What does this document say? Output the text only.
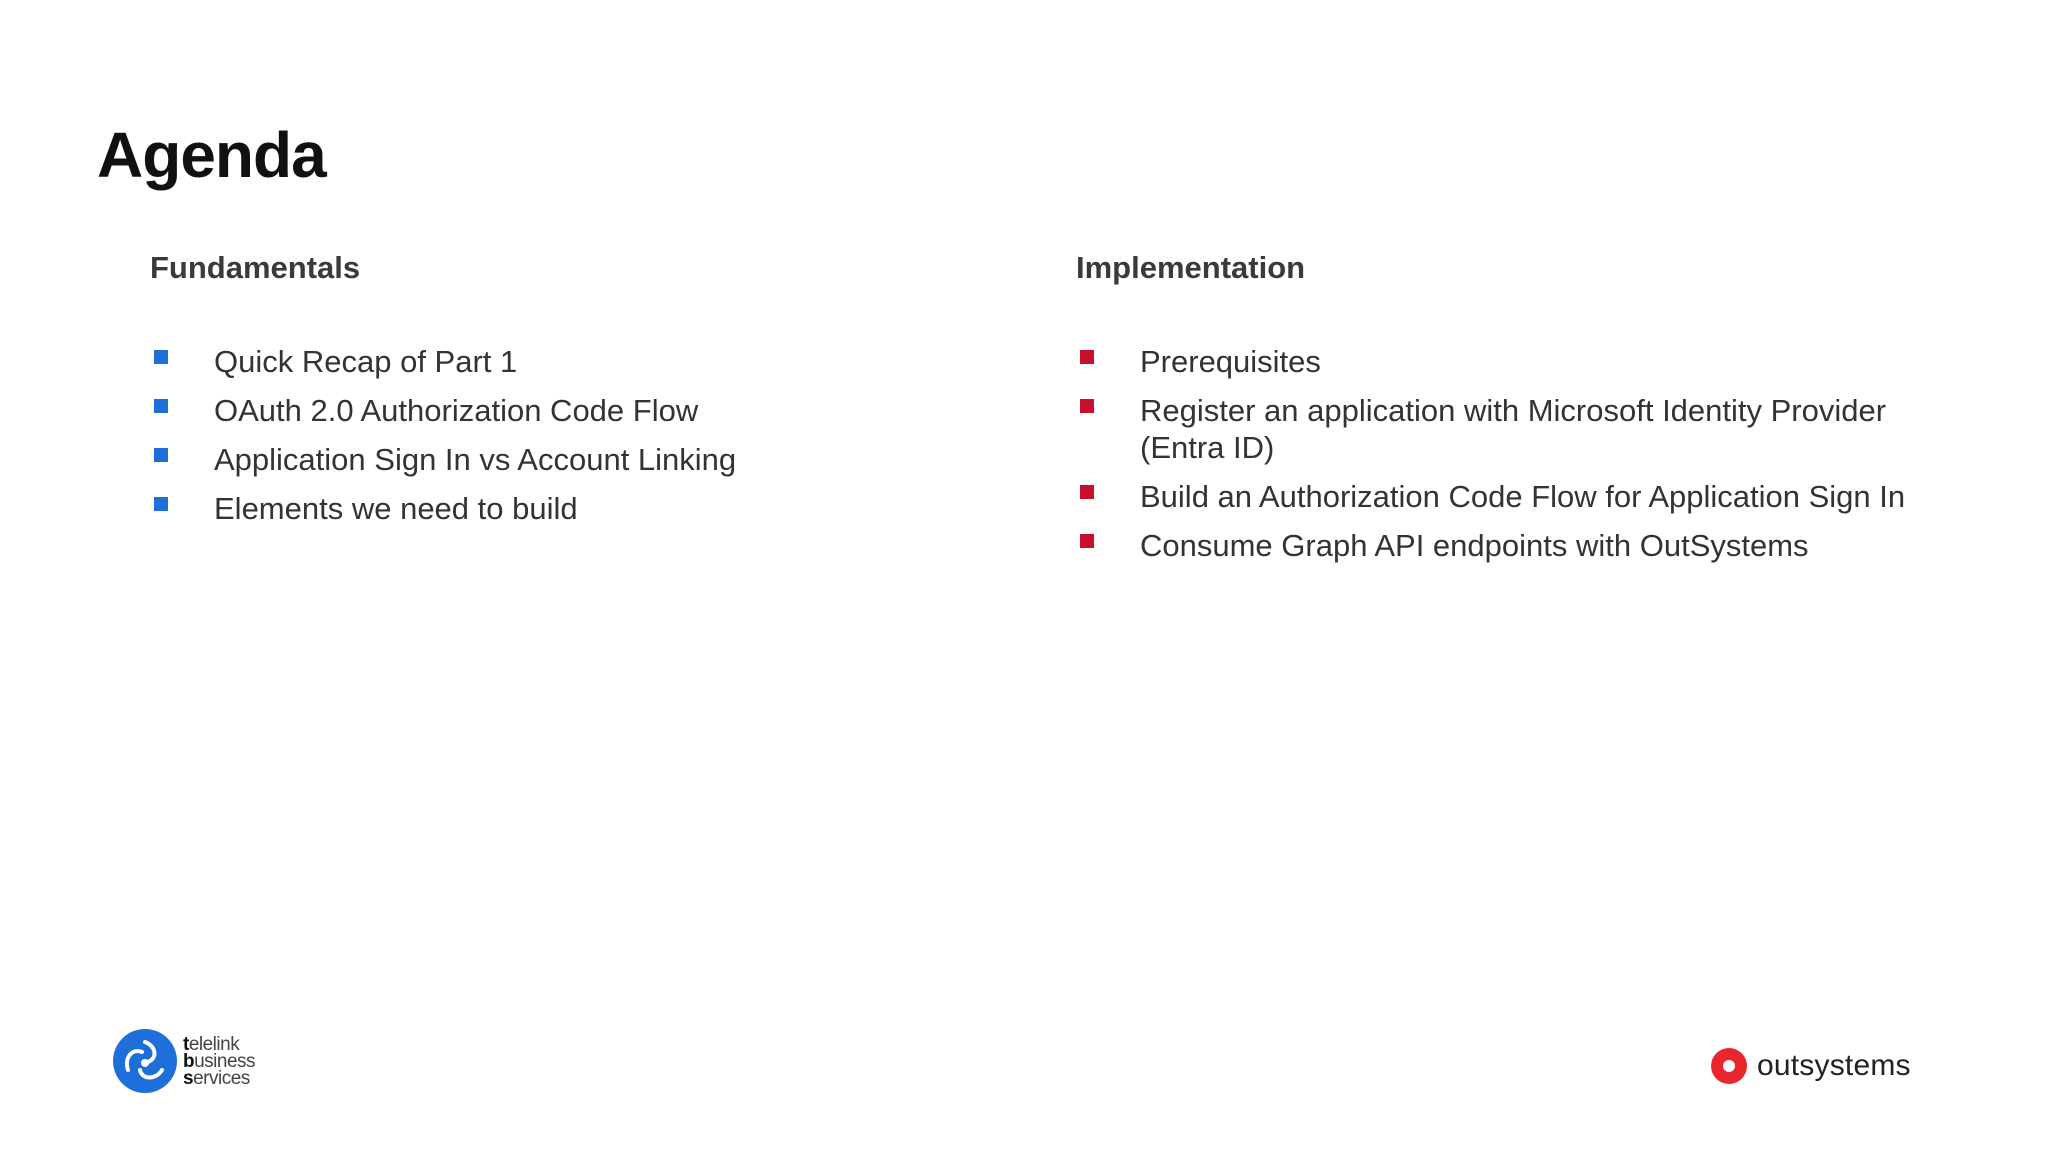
Agenda
Fundamentals
Quick Recap of Part 1
OAuth 2.0 Authorization Code Flow
Application Sign In vs Account Linking
Elements we need to build
Implementation
Prerequisites
Register an application with Microsoft Identity Provider (Entra ID)
Build an Authorization Code Flow for Application Sign In
Consume Graph API endpoints with OutSystems
telelink
business
services	outsystems
